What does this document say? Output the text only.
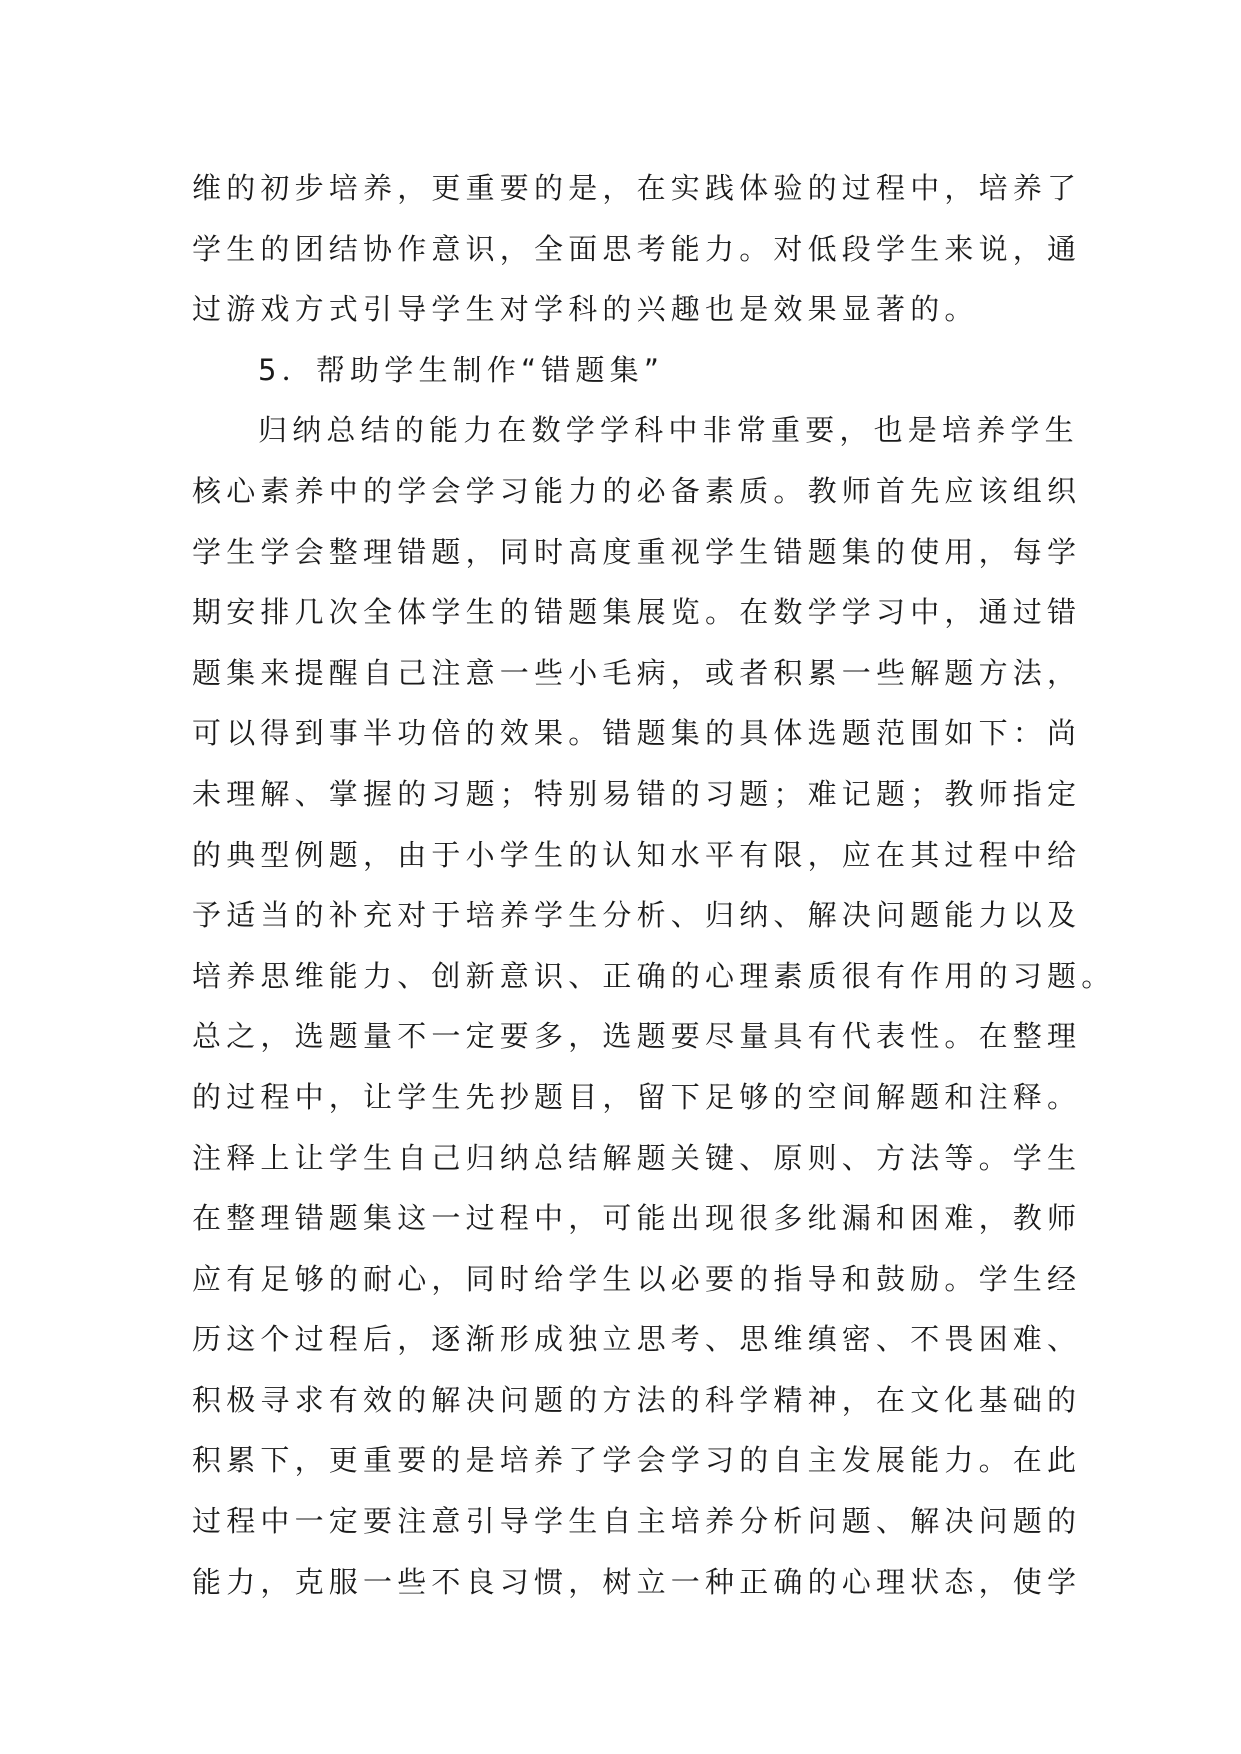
维的初步培养，更重要的是，在实践体验的过程中，培养了
学生的团结协作意识，全面思考能力。对低段学生来说，通
过游戏方式引导学生对学科的兴趣也是效果显著的。
5．帮助学生制作“错题集”
归纳总结的能力在数学学科中非常重要，也是培养学生
核心素养中的学会学习能力的必备素质。教师首先应该组织
学生学会整理错题，同时高度重视学生错题集的使用，每学
期安排几次全体学生的错题集展览。在数学学习中，通过错
题集来提醒自己注意一些小毛病，或者积累一些解题方法，
可以得到事半功倍的效果。错题集的具体选题范围如下：尚
未理解、掌握的习题；特别易错的习题；难记题；教师指定
的典型例题，由于小学生的认知水平有限，应在其过程中给
予适当的补充对于培养学生分析、归纳、解决问题能力以及
培养思维能力、创新意识、正确的心理素质很有作用的习题。
总之，选题量不一定要多，选题要尽量具有代表性。在整理
的过程中，让学生先抄题目，留下足够的空间解题和注释。
注释上让学生自己归纳总结解题关键、原则、方法等。学生
在整理错题集这一过程中，可能出现很多纰漏和困难，教师
应有足够的耐心，同时给学生以必要的指导和鼓励。学生经
历这个过程后，逐渐形成独立思考、思维缜密、不畏困难、
积极寻求有效的解决问题的方法的科学精神，在文化基础的
积累下，更重要的是培养了学会学习的自主发展能力。在此
过程中一定要注意引导学生自主培养分析问题、解决问题的
能力，克服一些不良习惯，树立一种正确的心理状态，使学
